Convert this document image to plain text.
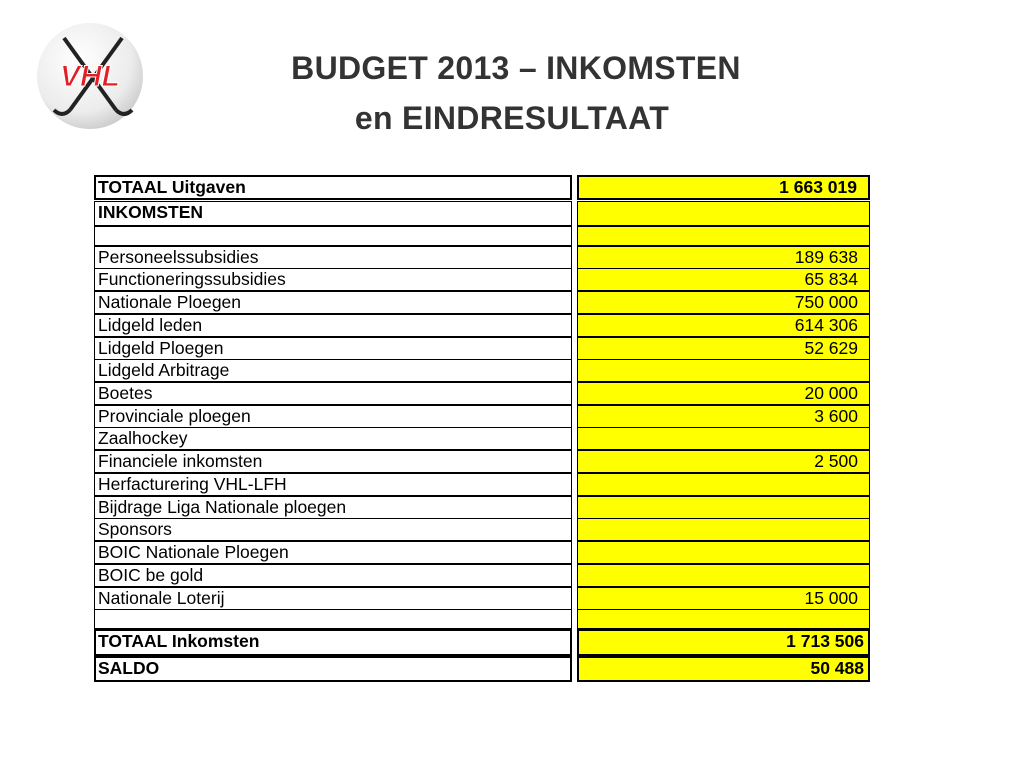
VHL	BUDGET 2013 – INKOMSTEN
en EINDRESULTAAT
TOTAAL Uitgaven	1 663 019
INKOMSTEN
Personeelssubsidies	189 638
Functioneringssubsidies	65 834
Nationale Ploegen	750 000
Lidgeld leden	614 306
Lidgeld Ploegen	52 629
Lidgeld Arbitrage
Boetes	20 000
Provinciale ploegen	3 600
Zaalhockey
Financiele inkomsten	2 500
Herfacturering VHL-LFH
Bijdrage Liga Nationale ploegen
Sponsors
BOIC Nationale Ploegen
BOIC be gold
Nationale Loterij	15 000
TOTAAL Inkomsten	1 713 506
SALDO	50 488
